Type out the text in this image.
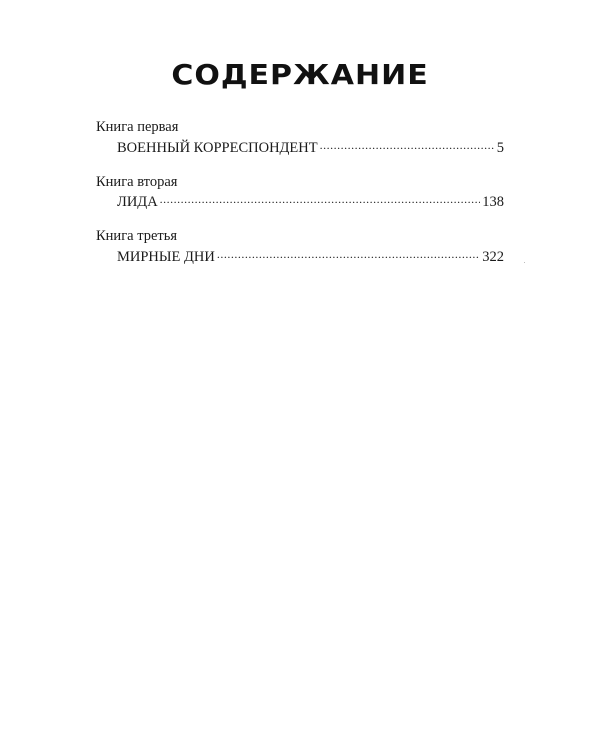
СОДЕРЖАНИЕ
Книга первая
ВОЕННЫЙ КОРРЕСПОНДЕНТ .....	5
Книга вторая
ЛИДА .....	138
Книга третья
МИРНЫЕ ДНИ .....	322
